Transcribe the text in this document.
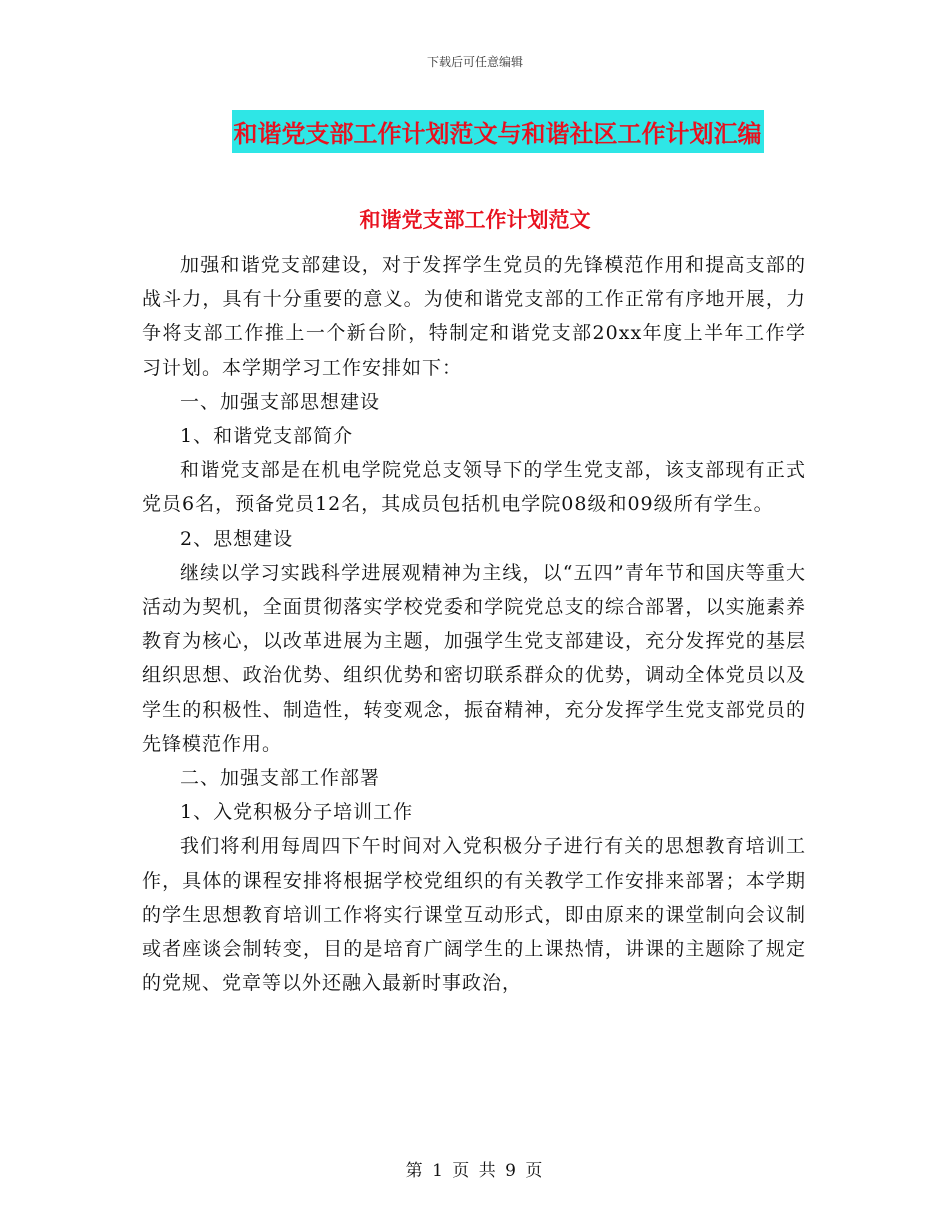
下载后可任意编辑
和谐党支部工作计划范文与和谐社区工作计划汇编
和谐党支部工作计划范文

加强和谐党支部建设，对于发挥学生党员的先锋模范作用和提高支部的战斗力，具有十分重要的意义。为使和谐党支部的工作正常有序地开展，力争将支部工作推上一个新台阶，特制定和谐党支部20xx年度上半年工作学习计划。本学期学习工作安排如下：

一、加强支部思想建设

1、和谐党支部简介

和谐党支部是在机电学院党总支领导下的学生党支部，该支部现有正式党员6名，预备党员12名，其成员包括机电学院08级和09级所有学生。

2、思想建设

继续以学习实践科学进展观精神为主线，以“五四”青年节和国庆等重大活动为契机，全面贯彻落实学校党委和学院党总支的综合部署，以实施素养教育为核心，以改革进展为主题，加强学生党支部建设，充分发挥党的基层组织思想、政治优势、组织优势和密切联系群众的优势，调动全体党员以及学生的积极性、制造性，转变观念，振奋精神，充分发挥学生党支部党员的先锋模范作用。

二、加强支部工作部署

1、入党积极分子培训工作

我们将利用每周四下午时间对入党积极分子进行有关的思想教育培训工作，具体的课程安排将根据学校党组织的有关教学工作安排来部署；本学期的学生思想教育培训工作将实行课堂互动形式，即由原来的课堂制向会议制或者座谈会制转变，目的是培育广阔学生的上课热情，讲课的主题除了规定的党规、党章等以外还融入最新时事政治，

第 1 页 共 9 页
